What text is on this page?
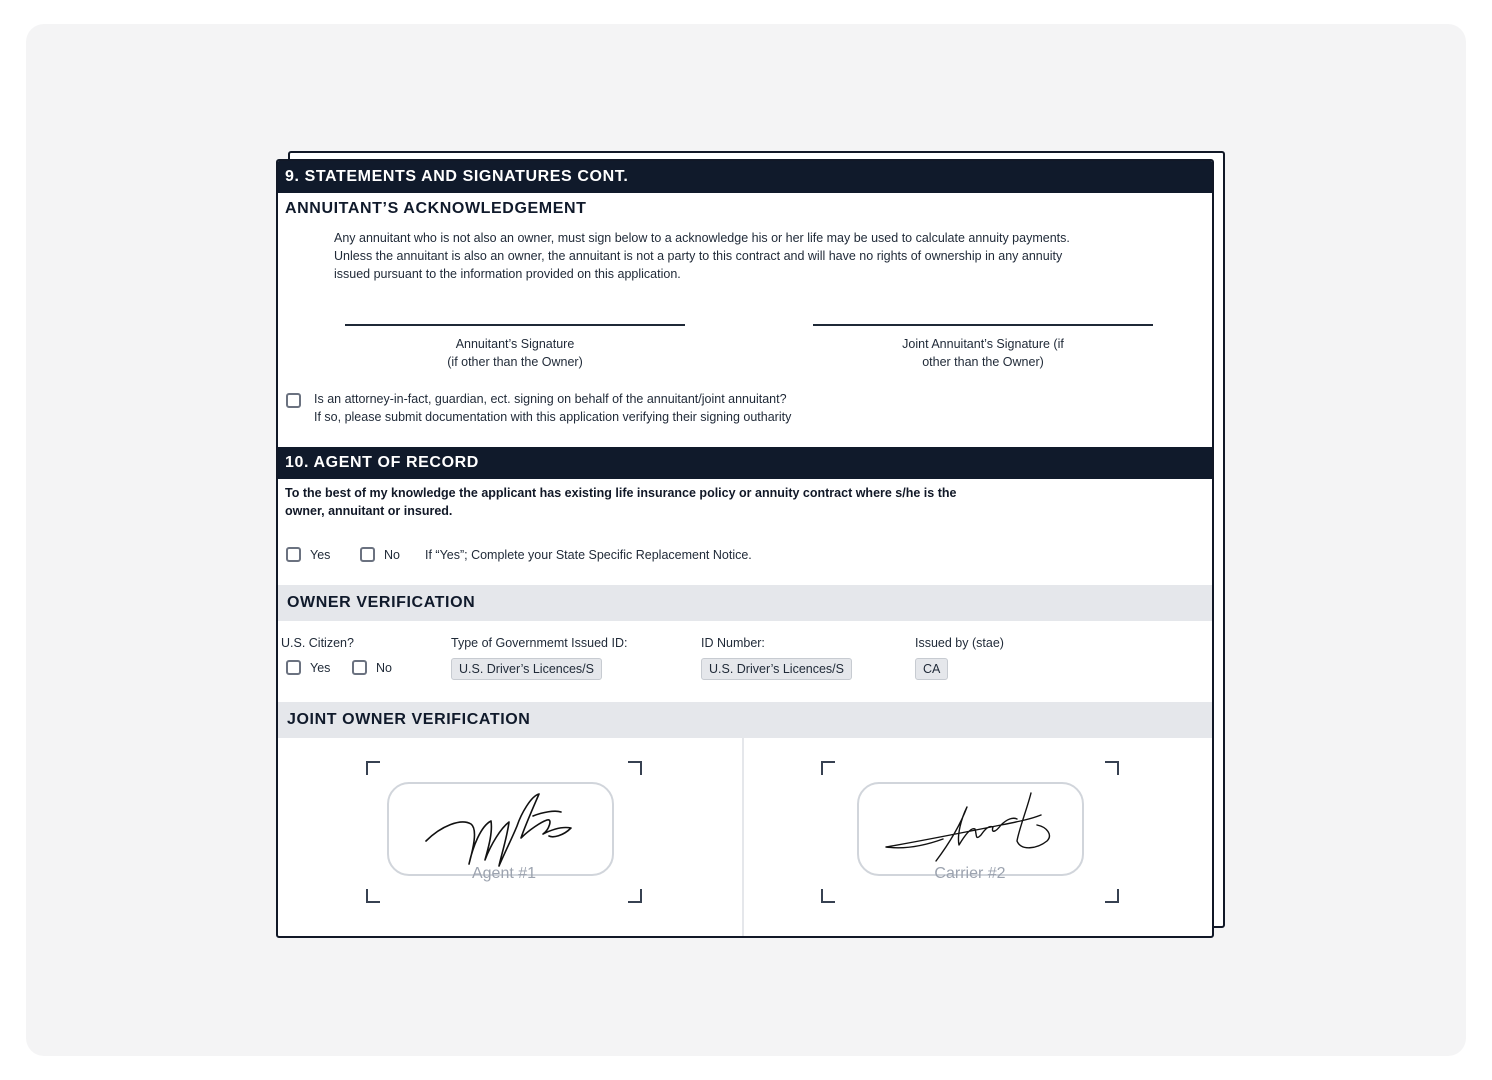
9. STATEMENTS AND SIGNATURES CONT.
ANNUITANT’S ACKNOWLEDGEMENT
Any annuitant who is not also an owner, must sign below to a acknowledge his or her life may be used to calculate annuity payments.
Unless the annuitant is also an owner, the annuitant is not a party to this contract and will have no rights of ownership in any annuity
issued pursuant to the information provided on this application.
Annuitant’s Signature
(if other than the Owner)
Joint Annuitant’s Signature (if
other than the Owner)
Is an attorney-in-fact, guardian, ect. signing on behalf of the annuitant/joint annuitant?
If so, please submit documentation with this application verifying their signing outharity
10. AGENT OF RECORD
To the best of my knowledge the applicant has existing life insurance policy or annuity contract where s/he is the
owner, annuitant or insured.
Yes	No If “Yes”; Complete your State Specific Replacement Notice.
OWNER VERIFICATION
U.S. Citizen?
Yes	No
Type of Governmemt Issued ID:
U.S. Driver’s Licences/S
ID Number:
U.S. Driver’s Licences/S
Issued by (stae)
CA
JOINT OWNER VERIFICATION
Agent #1	Carrier #2
